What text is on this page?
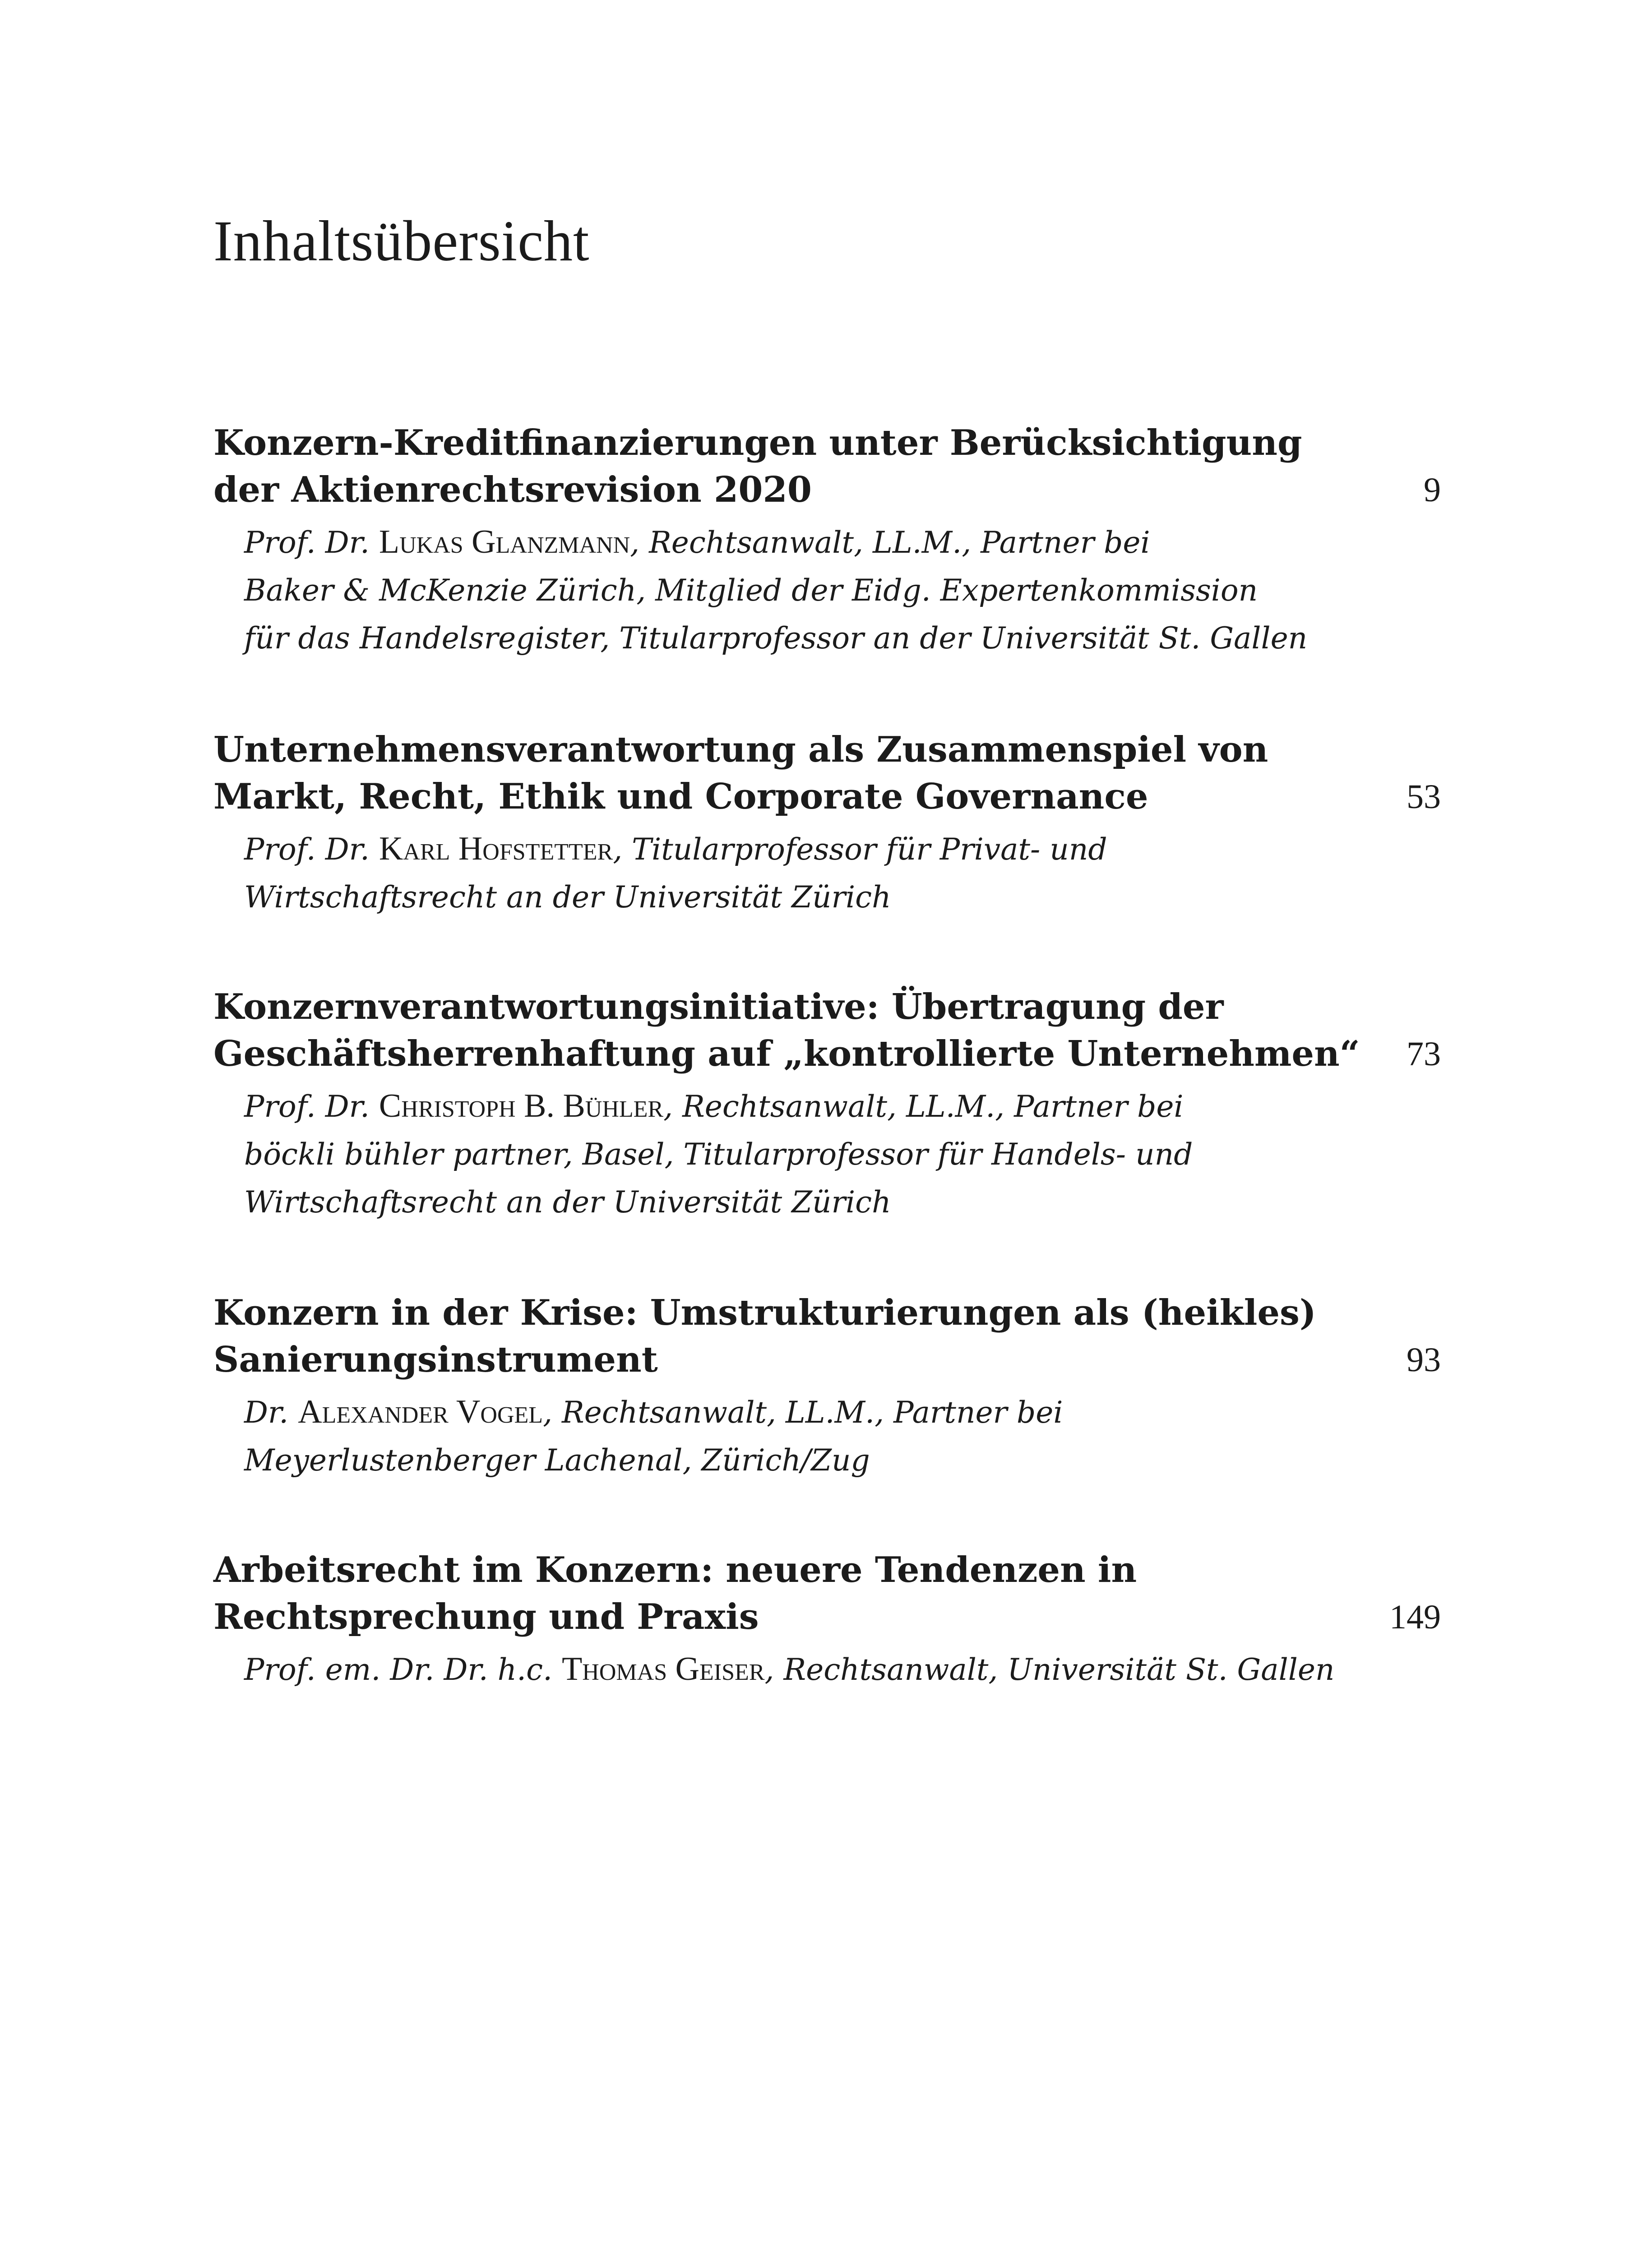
Inhaltsübersicht
Konzern-Kreditfinanzierungen unter Berücksichtigung
der Aktienrechtsrevision 2020	9
Prof. Dr. Lukas Glanzmann, Rechtsanwalt, LL.M., Partner bei
Baker & McKenzie Zürich, Mitglied der Eidg. Expertenkommission
für das Handelsregister, Titularprofessor an der Universität St. Gallen
Unternehmensverantwortung als Zusammenspiel von
Markt, Recht, Ethik und Corporate Governance	53
Prof. Dr. Karl Hofstetter, Titularprofessor für Privat- und
Wirtschaftsrecht an der Universität Zürich
Konzernverantwortungsinitiative: Übertragung der
Geschäftsherrenhaftung auf „kontrollierte Unternehmen“ 73
Prof. Dr. Christoph B. Bühler, Rechtsanwalt, LL.M., Partner bei
böckli bühler partner, Basel, Titularprofessor für Handels- und
Wirtschaftsrecht an der Universität Zürich
Konzern in der Krise: Umstrukturierungen als (heikles)
Sanierungsinstrument	93
Dr. Alexander Vogel, Rechtsanwalt, LL.M., Partner bei
Meyerlustenberger Lachenal, Zürich/Zug
Arbeitsrecht im Konzern: neuere Tendenzen in
Rechtsprechung und Praxis	149
Prof. em. Dr. Dr. h.c. Thomas Geiser, Rechtsanwalt, Universität St. Gallen
